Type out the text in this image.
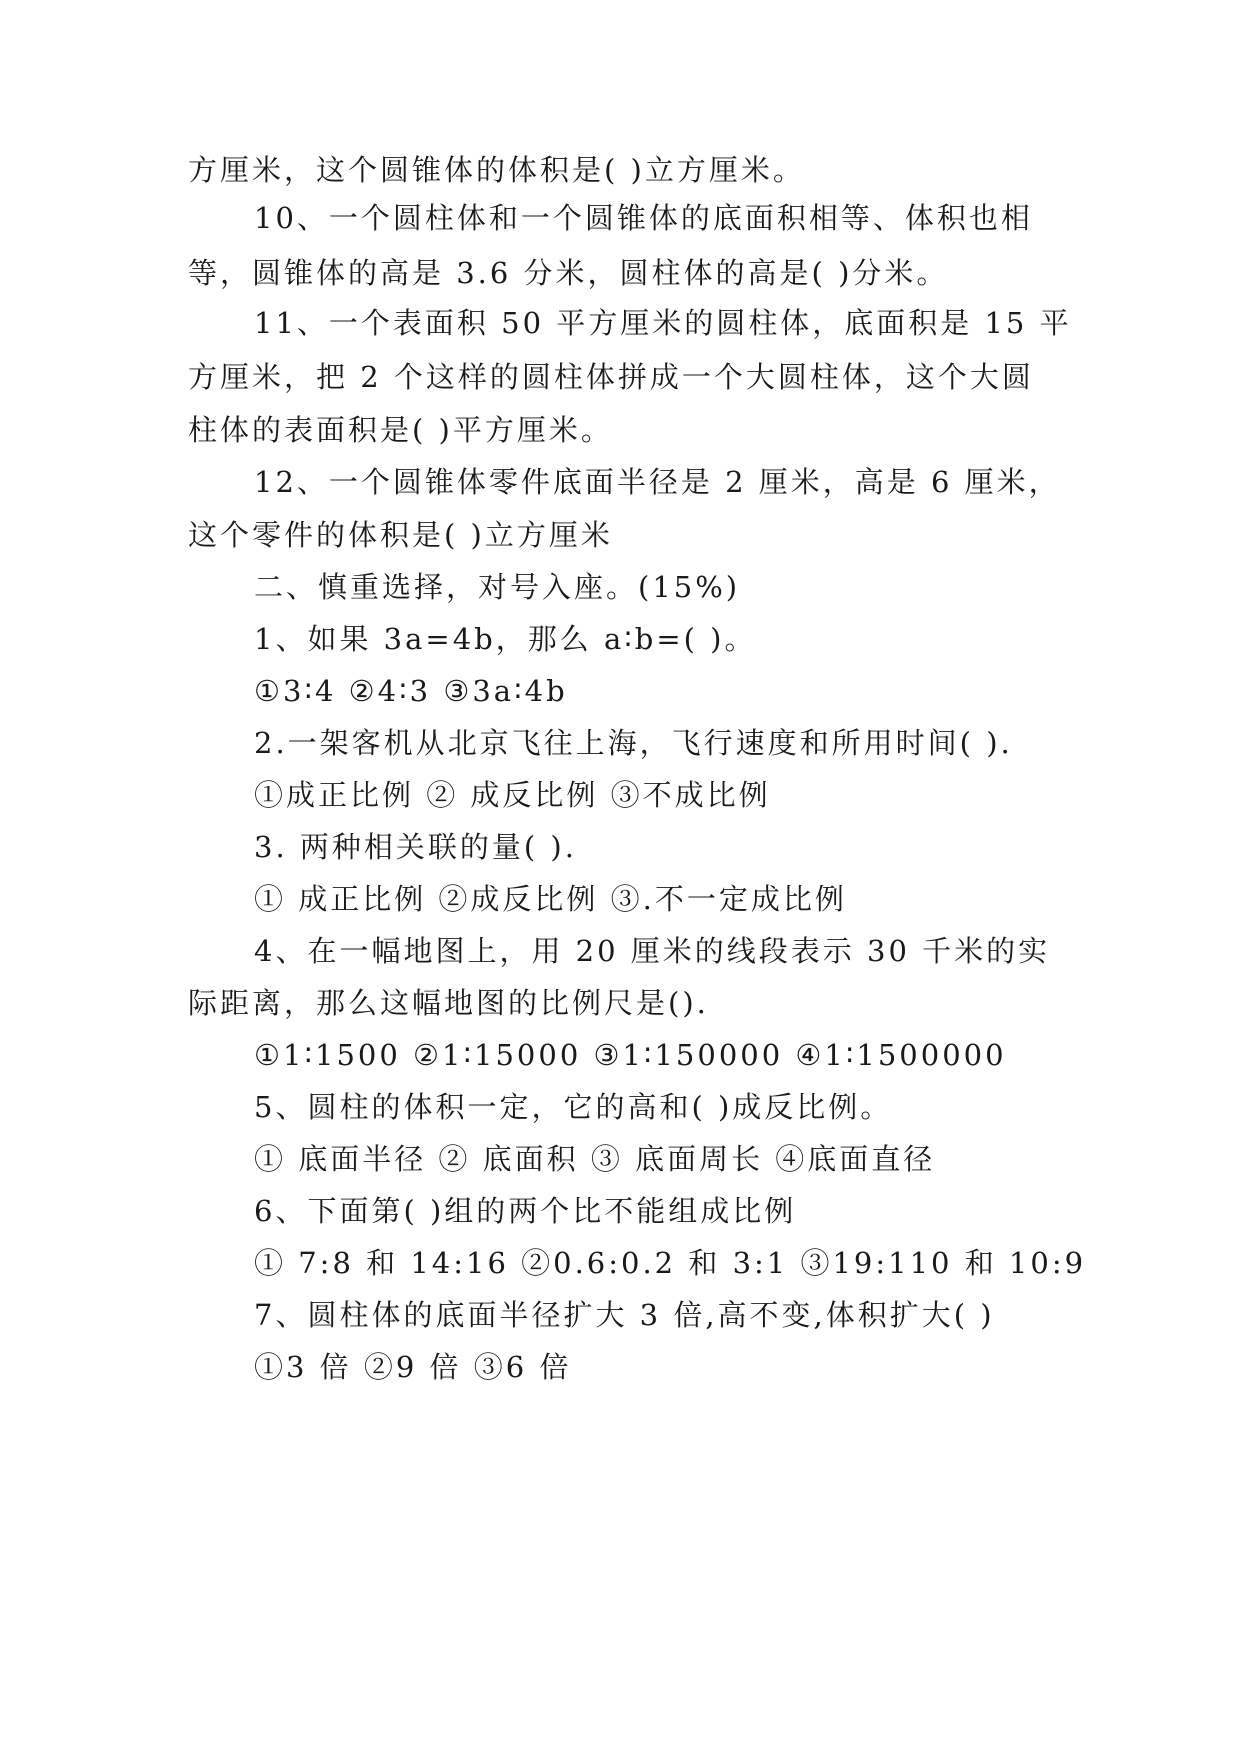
方厘米，这个圆锥体的体积是( )立方厘米。
10、一个圆柱体和一个圆锥体的底面积相等、体积也相
等，圆锥体的高是 3.6 分米，圆柱体的高是( )分米。
11、一个表面积 50 平方厘米的圆柱体，底面积是 15 平
方厘米，把 2 个这样的圆柱体拼成一个大圆柱体，这个大圆
柱体的表面积是( )平方厘米。
12、一个圆锥体零件底面半径是 2 厘米，高是 6 厘米，
这个零件的体积是( )立方厘米
二、慎重选择，对号入座。(15%)
1、如果 3a=4b，那么 a∶b=( )。
①3∶4 ②4∶3 ③3a∶4b
2.一架客机从北京飞往上海，飞行速度和所用时间( ).
①成正比例 ② 成反比例 ③不成比例
3. 两种相关联的量( ).
① 成正比例 ②成反比例 ③.不一定成比例
4、在一幅地图上，用 20 厘米的线段表示 30 千米的实
际距离，那么这幅地图的比例尺是().
①1∶1500 ②1∶15000 ③1∶150000 ④1∶1500000
5、圆柱的体积一定，它的高和( )成反比例。
① 底面半径 ② 底面积 ③ 底面周长 ④底面直径
6、下面第( )组的两个比不能组成比例
① 7:8 和 14:16 ②0.6:0.2 和 3:1 ③19:110 和 10:9
7、圆柱体的底面半径扩大 3 倍,高不变,体积扩大( )
①3 倍 ②9 倍 ③6 倍
